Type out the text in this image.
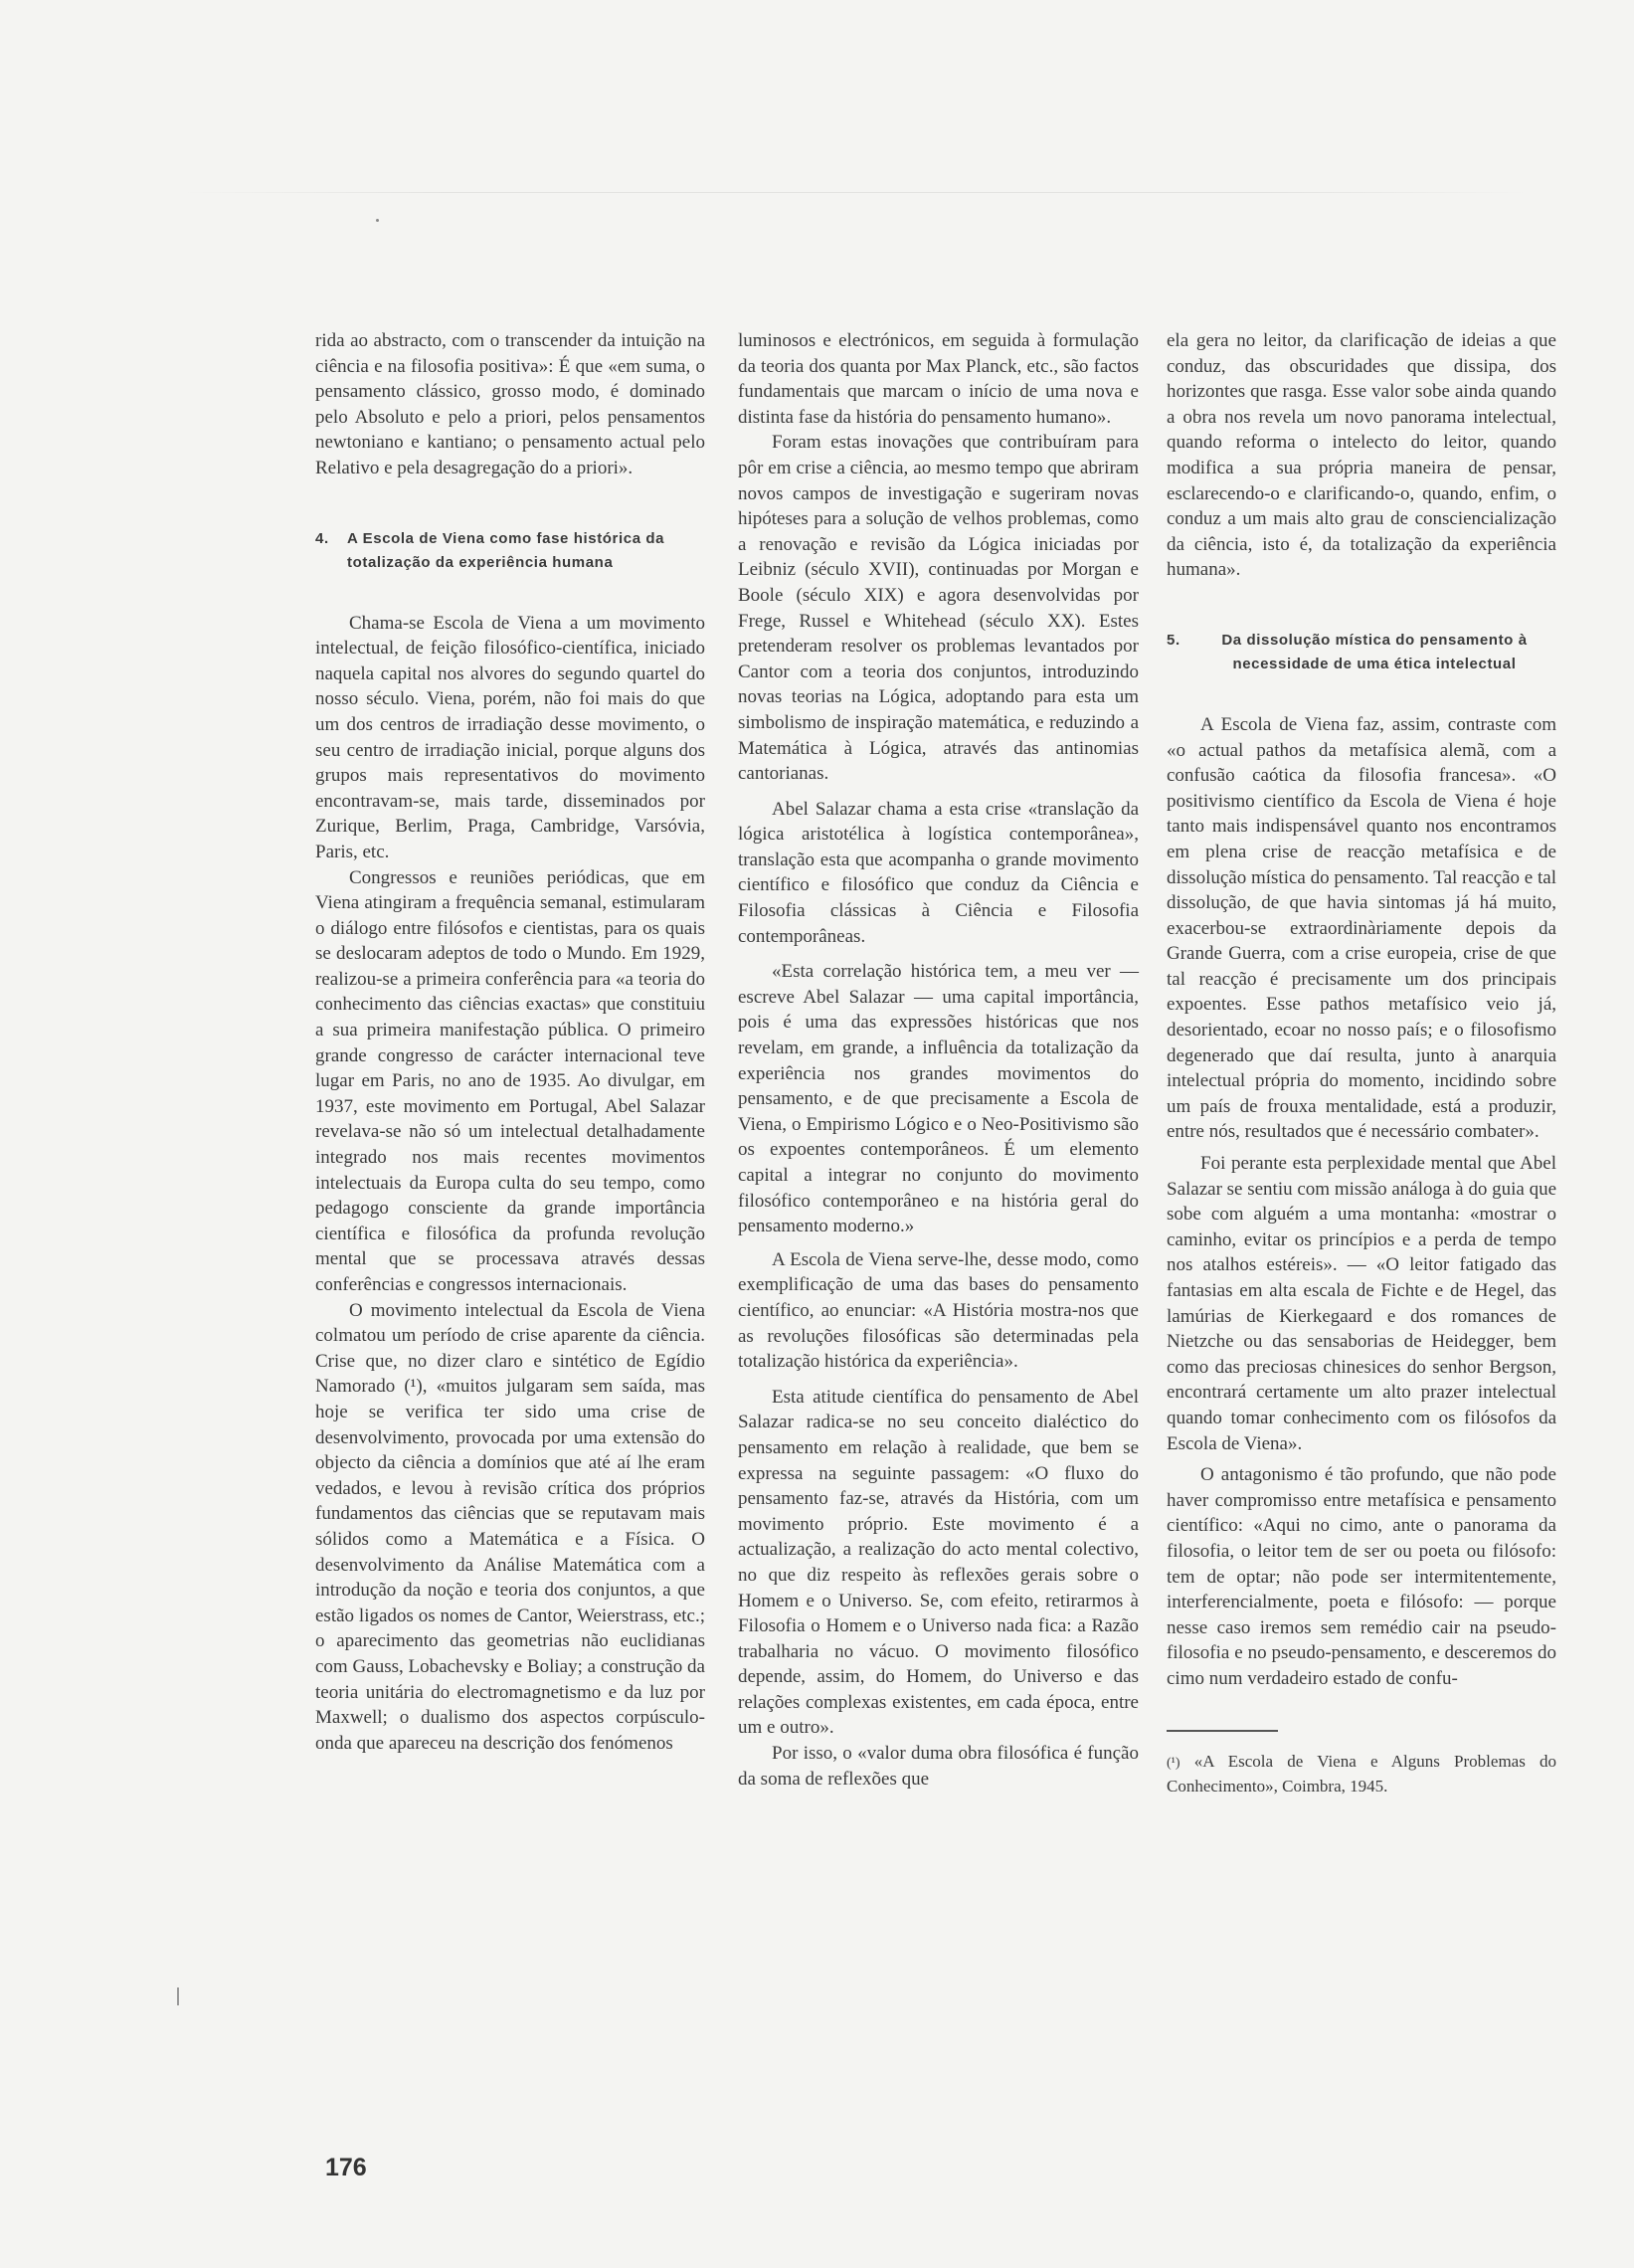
rida ao abstracto, com o transcender da intuição na ciência e na filosofia positiva»: É que «em suma, o pensamento clássico, grosso modo, é dominado pelo Absoluto e pelo a priori, pelos pensamentos newtoniano e kantiano; o pensamento actual pelo Relativo e pela desagregação do a priori».

4.	A Escola de Viena como fase histórica da totalização da experiência humana

Chama-se Escola de Viena a um movimento intelectual, de feição filosófico-científica, iniciado naquela capital nos alvores do segundo quartel do nosso século. Viena, porém, não foi mais do que um dos centros de irradiação desse movimento, o seu centro de irradiação inicial, porque alguns dos grupos mais representativos do movimento encontravam-se, mais tarde, disseminados por Zurique, Berlim, Praga, Cambridge, Varsóvia, Paris, etc.

Congressos e reuniões periódicas, que em Viena atingiram a frequência semanal, estimularam o diálogo entre filósofos e cientistas, para os quais se deslocaram adeptos de todo o Mundo. Em 1929, realizou-se a primeira conferência para «a teoria do conhecimento das ciências exactas» que constituiu a sua primeira manifestação pública. O primeiro grande congresso de carácter internacional teve lugar em Paris, no ano de 1935. Ao divulgar, em 1937, este movimento em Portugal, Abel Salazar revelava-se não só um intelectual detalhadamente integrado nos mais recentes movimentos intelectuais da Europa culta do seu tempo, como pedagogo consciente da grande importância científica e filosófica da profunda revolução mental que se processava através dessas conferências e congressos internacionais.

O movimento intelectual da Escola de Viena colmatou um período de crise aparente da ciência. Crise que, no dizer claro e sintético de Egídio Namorado (¹), «muitos julgaram sem saída, mas hoje se verifica ter sido uma crise de desenvolvimento, provocada por uma extensão do objecto da ciência a domínios que até aí lhe eram vedados, e levou à revisão crítica dos próprios fundamentos das ciências que se reputavam mais sólidos como a Matemática e a Física. O desenvolvimento da Análise Matemática com a introdução da noção e teoria dos conjuntos, a que estão ligados os nomes de Cantor, Weierstrass, etc.; o aparecimento das geometrias não euclidianas com Gauss, Lobachevsky e Boliay; a construção da teoria unitária do electromagnetismo e da luz por Maxwell; o dualismo dos aspectos corpúsculo-onda que apareceu na descrição dos fenómenos

luminosos e electrónicos, em seguida à formulação da teoria dos quanta por Max Planck, etc., são factos fundamentais que marcam o início de uma nova e distinta fase da história do pensamento humano».

Foram estas inovações que contribuíram para pôr em crise a ciência, ao mesmo tempo que abriram novos campos de investigação e sugeriram novas hipóteses para a solução de velhos problemas, como a renovação e revisão da Lógica iniciadas por Leibniz (século XVII), continuadas por Morgan e Boole (século XIX) e agora desenvolvidas por Frege, Russel e Whitehead (século XX). Estes pretenderam resolver os problemas levantados por Cantor com a teoria dos conjuntos, introduzindo novas teorias na Lógica, adoptando para esta um simbolismo de inspiração matemática, e reduzindo a Matemática à Lógica, através das antinomias cantorianas.

Abel Salazar chama a esta crise «translação da lógica aristotélica à logística contemporânea», translação esta que acompanha o grande movimento científico e filosófico que conduz da Ciência e Filosofia clássicas à Ciência e Filosofia contemporâneas.

«Esta correlação histórica tem, a meu ver — escreve Abel Salazar — uma capital importância, pois é uma das expressões históricas que nos revelam, em grande, a influência da totalização da experiência nos grandes movimentos do pensamento, e de que precisamente a Escola de Viena, o Empirismo Lógico e o Neo-Positivismo são os expoentes contemporâneos. É um elemento capital a integrar no conjunto do movimento filosófico contemporâneo e na história geral do pensamento moderno.»

A Escola de Viena serve-lhe, desse modo, como exemplificação de uma das bases do pensamento científico, ao enunciar: «A História mostra-nos que as revoluções filosóficas são determinadas pela totalização histórica da experiência».

Esta atitude científica do pensamento de Abel Salazar radica-se no seu conceito dialéctico do pensamento em relação à realidade, que bem se expressa na seguinte passagem: «O fluxo do pensamento faz-se, através da História, com um movimento próprio. Este movimento é a actualização, a realização do acto mental colectivo, no que diz respeito às reflexões gerais sobre o Homem e o Universo. Se, com efeito, retirarmos à Filosofia o Homem e o Universo nada fica: a Razão trabalharia no vácuo. O movimento filosófico depende, assim, do Homem, do Universo e das relações complexas existentes, em cada época, entre um e outro».

Por isso, o «valor duma obra filosófica é função da soma de reflexões que

ela gera no leitor, da clarificação de ideias a que conduz, das obscuridades que dissipa, dos horizontes que rasga. Esse valor sobe ainda quando a obra nos revela um novo panorama intelectual, quando reforma o intelecto do leitor, quando modifica a sua própria maneira de pensar, esclarecendo-o e clarificando-o, quando, enfim, o conduz a um mais alto grau de consciencialização da ciência, isto é, da totalização da experiência humana».

5.	Da dissolução mística do pensamento à necessidade de uma ética intelectual

A Escola de Viena faz, assim, contraste com «o actual pathos da metafísica alemã, com a confusão caótica da filosofia francesa». «O positivismo científico da Escola de Viena é hoje tanto mais indispensável quanto nos encontramos em plena crise de reacção metafísica e de dissolução mística do pensamento. Tal reacção e tal dissolução, de que havia sintomas já há muito, exacerbou-se extraordinàriamente depois da Grande Guerra, com a crise europeia, crise de que tal reacção é precisamente um dos principais expoentes. Esse pathos metafísico veio já, desorientado, ecoar no nosso país; e o filosofismo degenerado que daí resulta, junto à anarquia intelectual própria do momento, incidindo sobre um país de frouxa mentalidade, está a produzir, entre nós, resultados que é necessário combater».

Foi perante esta perplexidade mental que Abel Salazar se sentiu com missão análoga à do guia que sobe com alguém a uma montanha: «mostrar o caminho, evitar os princípios e a perda de tempo nos atalhos estéreis». — «O leitor fatigado das fantasias em alta escala de Fichte e de Hegel, das lamúrias de Kierkegaard e dos romances de Nietzche ou das sensaborias de Heidegger, bem como das preciosas chinesices do senhor Bergson, encontrará certamente um alto prazer intelectual quando tomar conhecimento com os filósofos da Escola de Viena».

O antagonismo é tão profundo, que não pode haver compromisso entre metafísica e pensamento científico: «Aqui no cimo, ante o panorama da filosofia, o leitor tem de ser ou poeta ou filósofo: tem de optar; não pode ser intermitentemente, interferencialmente, poeta e filósofo: — porque nesse caso iremos sem remédio cair na pseudo-filosofia e no pseudo-pensamento, e desceremos do cimo num verdadeiro estado de confu-

(¹) «A Escola de Viena e Alguns Problemas do Conhecimento», Coimbra, 1945.
176
